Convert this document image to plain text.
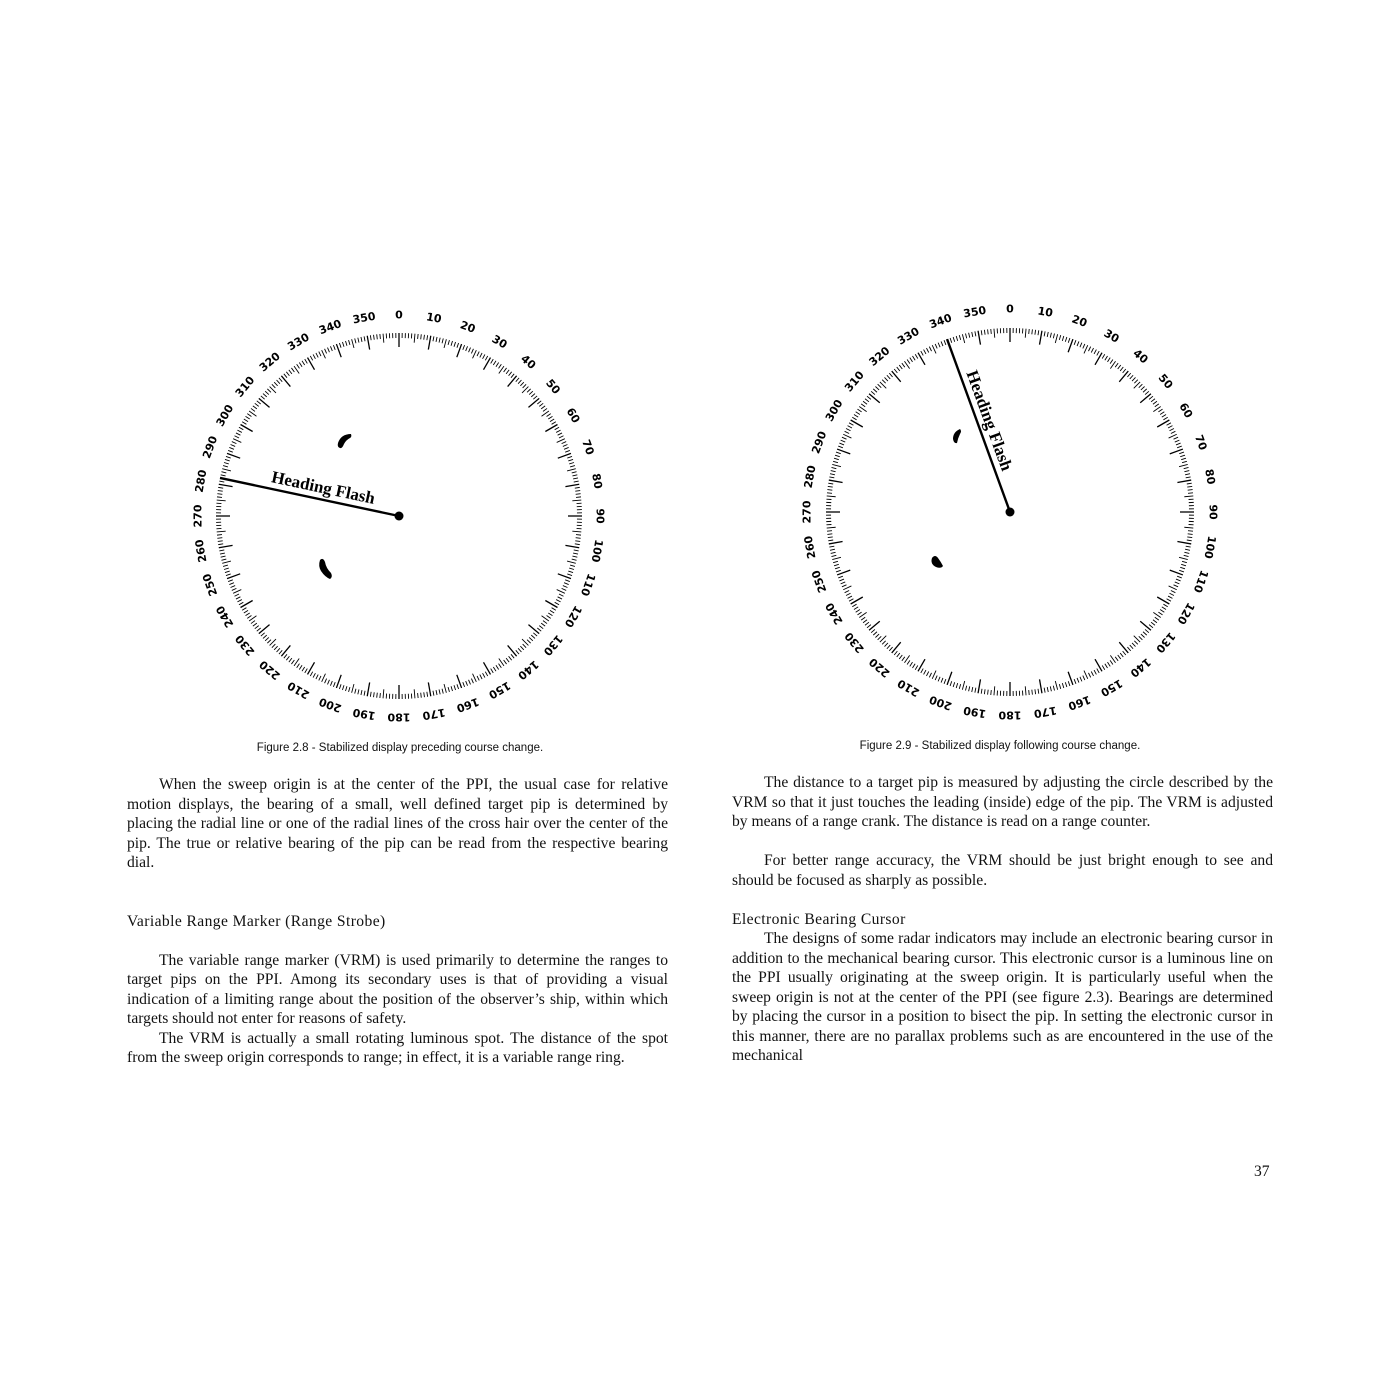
0 10
20
30
40
50
60
70
80
90
100
110
120
130
140
150
160
170
180
190
200
210
220
230
240
250
260
270
280
290
300
310
320
330
340 350
Heading Flash
Figure 2.8 - Stabilized display preceding course change.
0 10
20
30
40
50
60
70
80
90
100
110
120
130
140
150
160
170
180
190
200
210
220
230
240
250
260
270
280
290
300
310
320
330
340 350
Heading Flash
Figure 2.9 - Stabilized display following course change.

When the sweep origin is at the center of the PPI, the usual case for relative motion displays, the bearing of a small, well defined target pip is determined by placing the radial line or one of the radial lines of the cross hair over the center of the pip. The true or relative bearing of the pip can be read from the respective bearing dial.

Variable Range Marker (Range Strobe)

The variable range marker (VRM) is used primarily to determine the ranges to target pips on the PPI. Among its secondary uses is that of providing a visual indication of a limiting range about the position of the observer’s ship, within which targets should not enter for reasons of safety.

The VRM is actually a small rotating luminous spot. The distance of the spot from the sweep origin corresponds to range; in effect, it is a variable range ring.

The distance to a target pip is measured by adjusting the circle described by the VRM so that it just touches the leading (inside) edge of the pip. The VRM is adjusted by means of a range crank. The distance is read on a range counter.

For better range accuracy, the VRM should be just bright enough to see and should be focused as sharply as possible.

Electronic Bearing Cursor

The designs of some radar indicators may include an electronic bearing cursor in addition to the mechanical bearing cursor. This electronic cursor is a luminous line on the PPI usually originating at the sweep origin. It is particularly useful when the sweep origin is not at the center of the PPI (see figure 2.3). Bearings are determined by placing the cursor in a position to bisect the pip. In setting the electronic cursor in this manner, there are no parallax problems such as are encountered in the use of the mechanical

37
